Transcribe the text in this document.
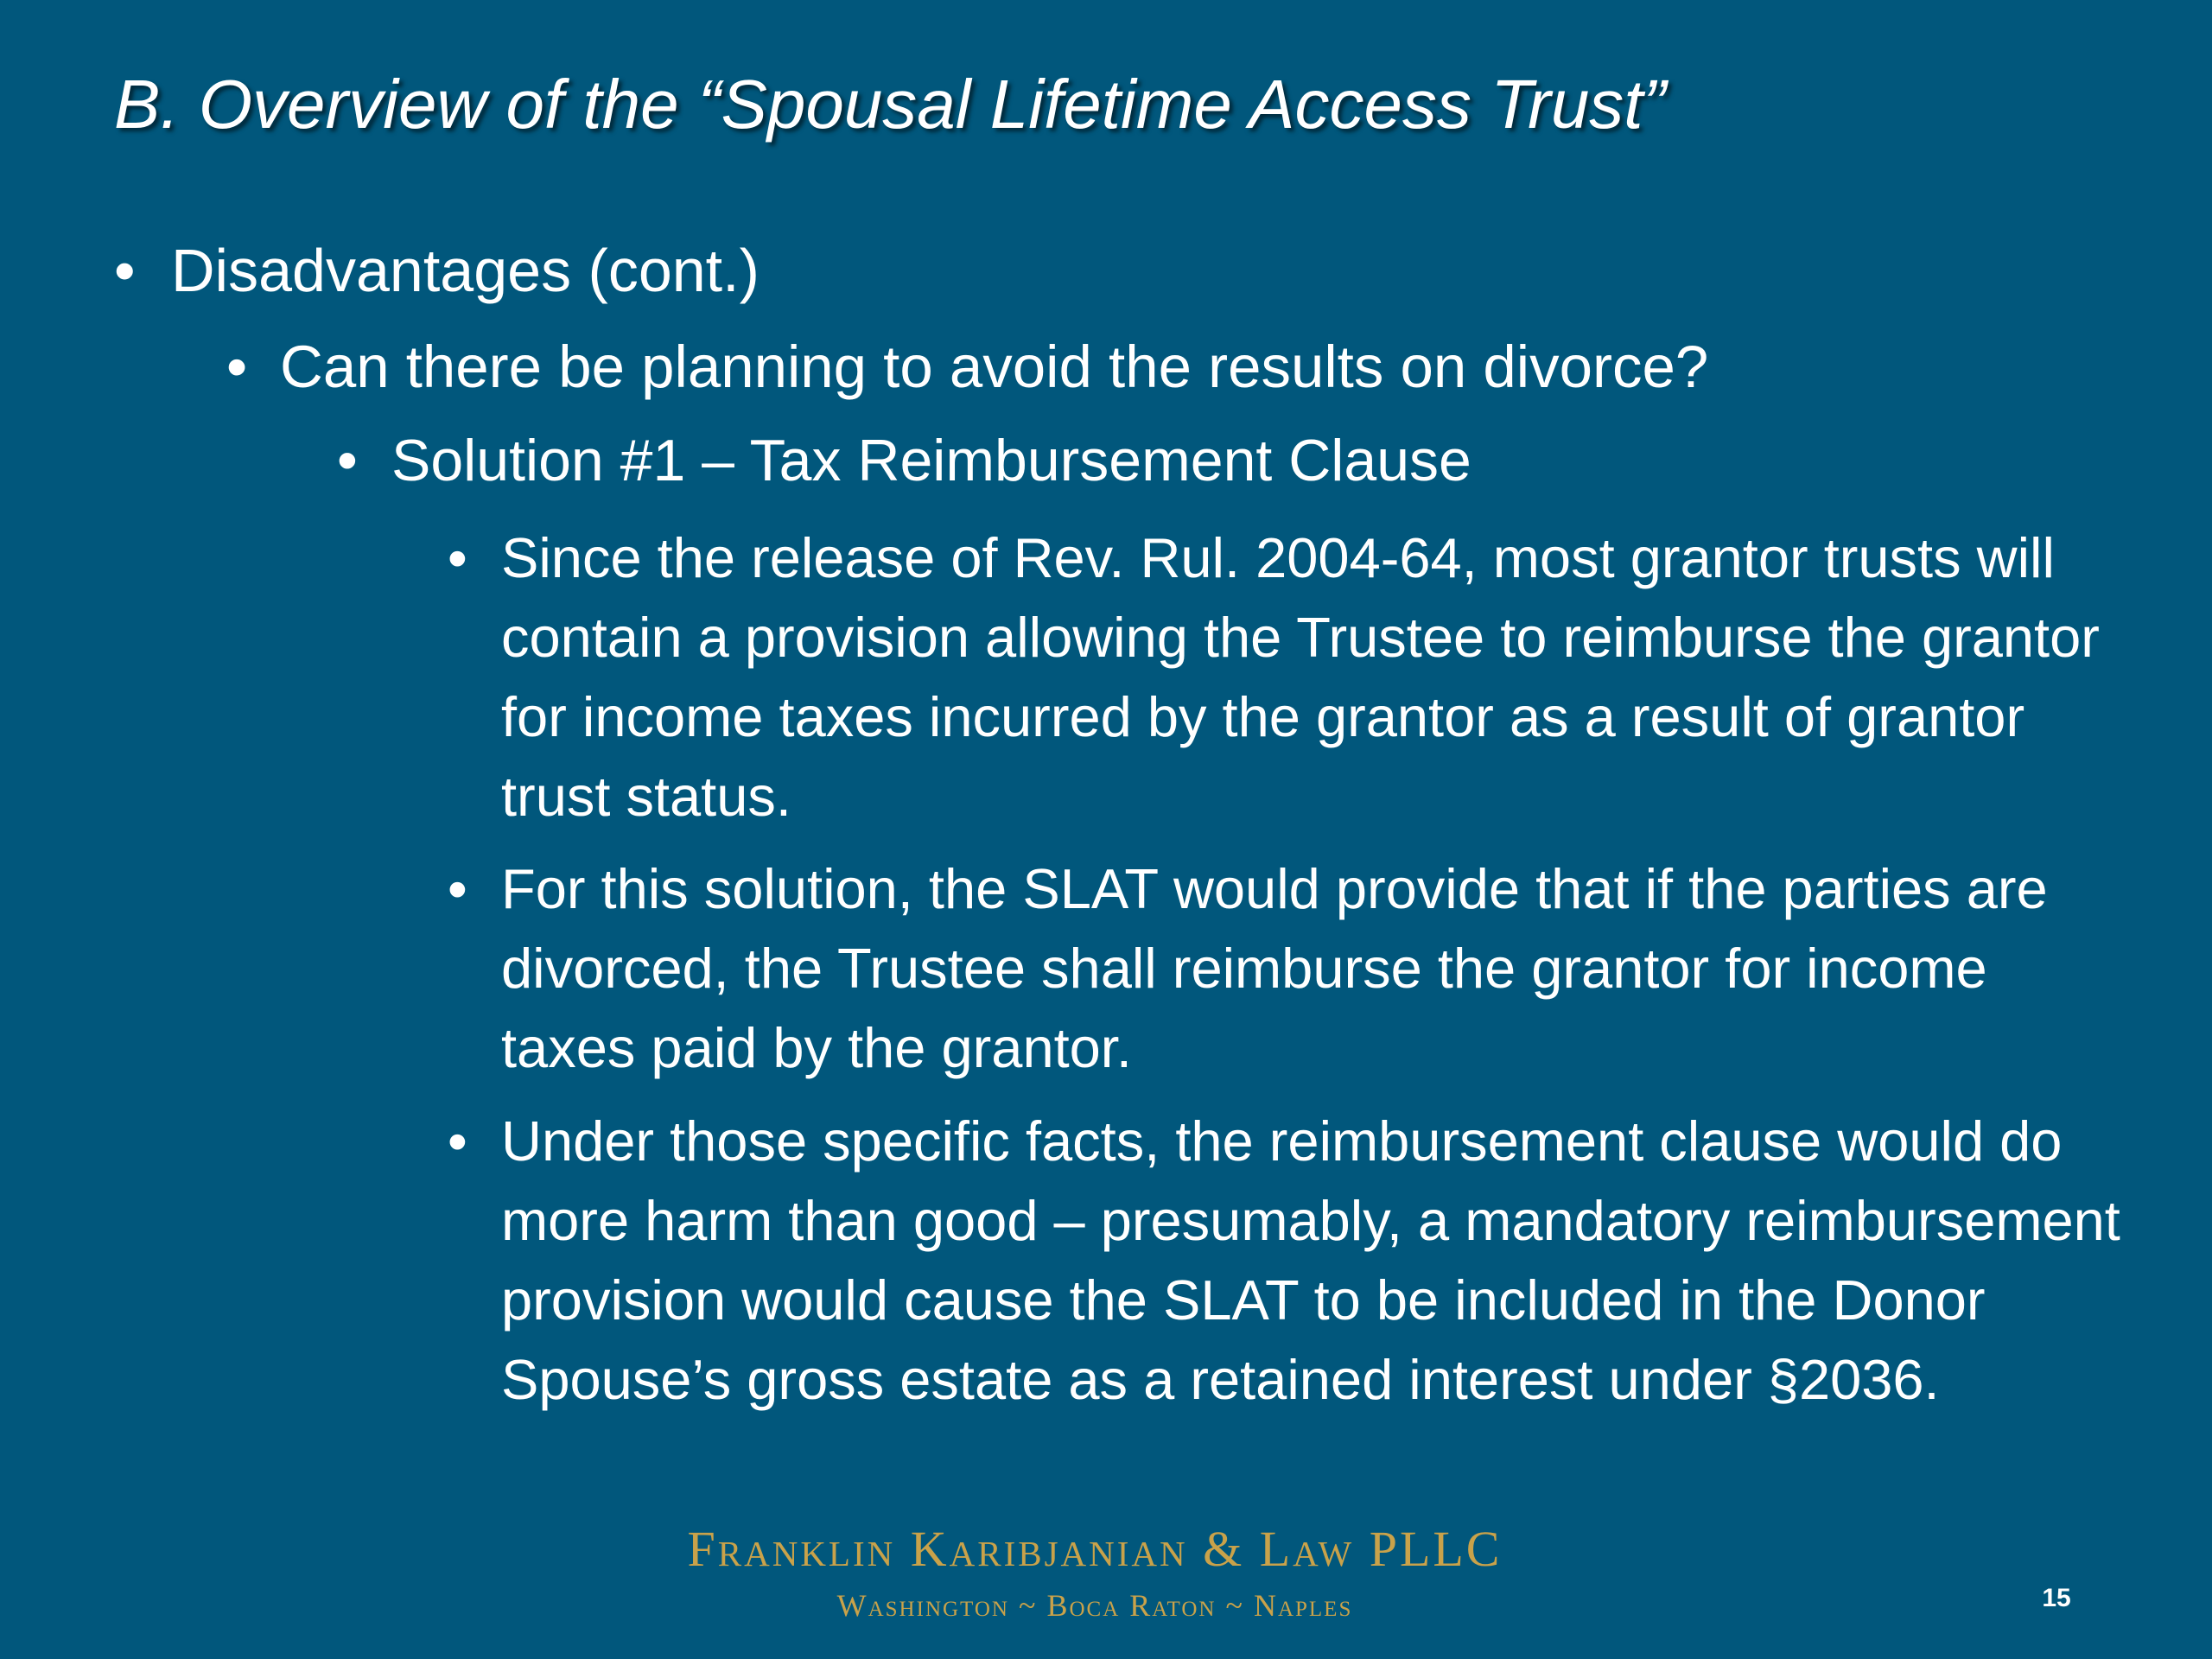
B. Overview of the “Spousal Lifetime Access Trust”
• Disadvantages (cont.)
• Can there be planning to avoid the results on divorce?
• Solution #1 – Tax Reimbursement Clause
• Since the release of Rev. Rul. 2004-64, most grantor trusts will contain a provision allowing the Trustee to reimburse the grantor for income taxes incurred by the grantor as a result of grantor trust status.
• For this solution, the SLAT would provide that if the parties are divorced, the Trustee shall reimburse the grantor for income taxes paid by the grantor.
• Under those specific facts, the reimbursement clause would do more harm than good – presumably, a mandatory reimbursement provision would cause the SLAT to be included in the Donor Spouse’s gross estate as a retained interest under §2036.
Franklin Karibjanian & Law PLLC
Washington ~ Boca Raton ~ Naples	15
